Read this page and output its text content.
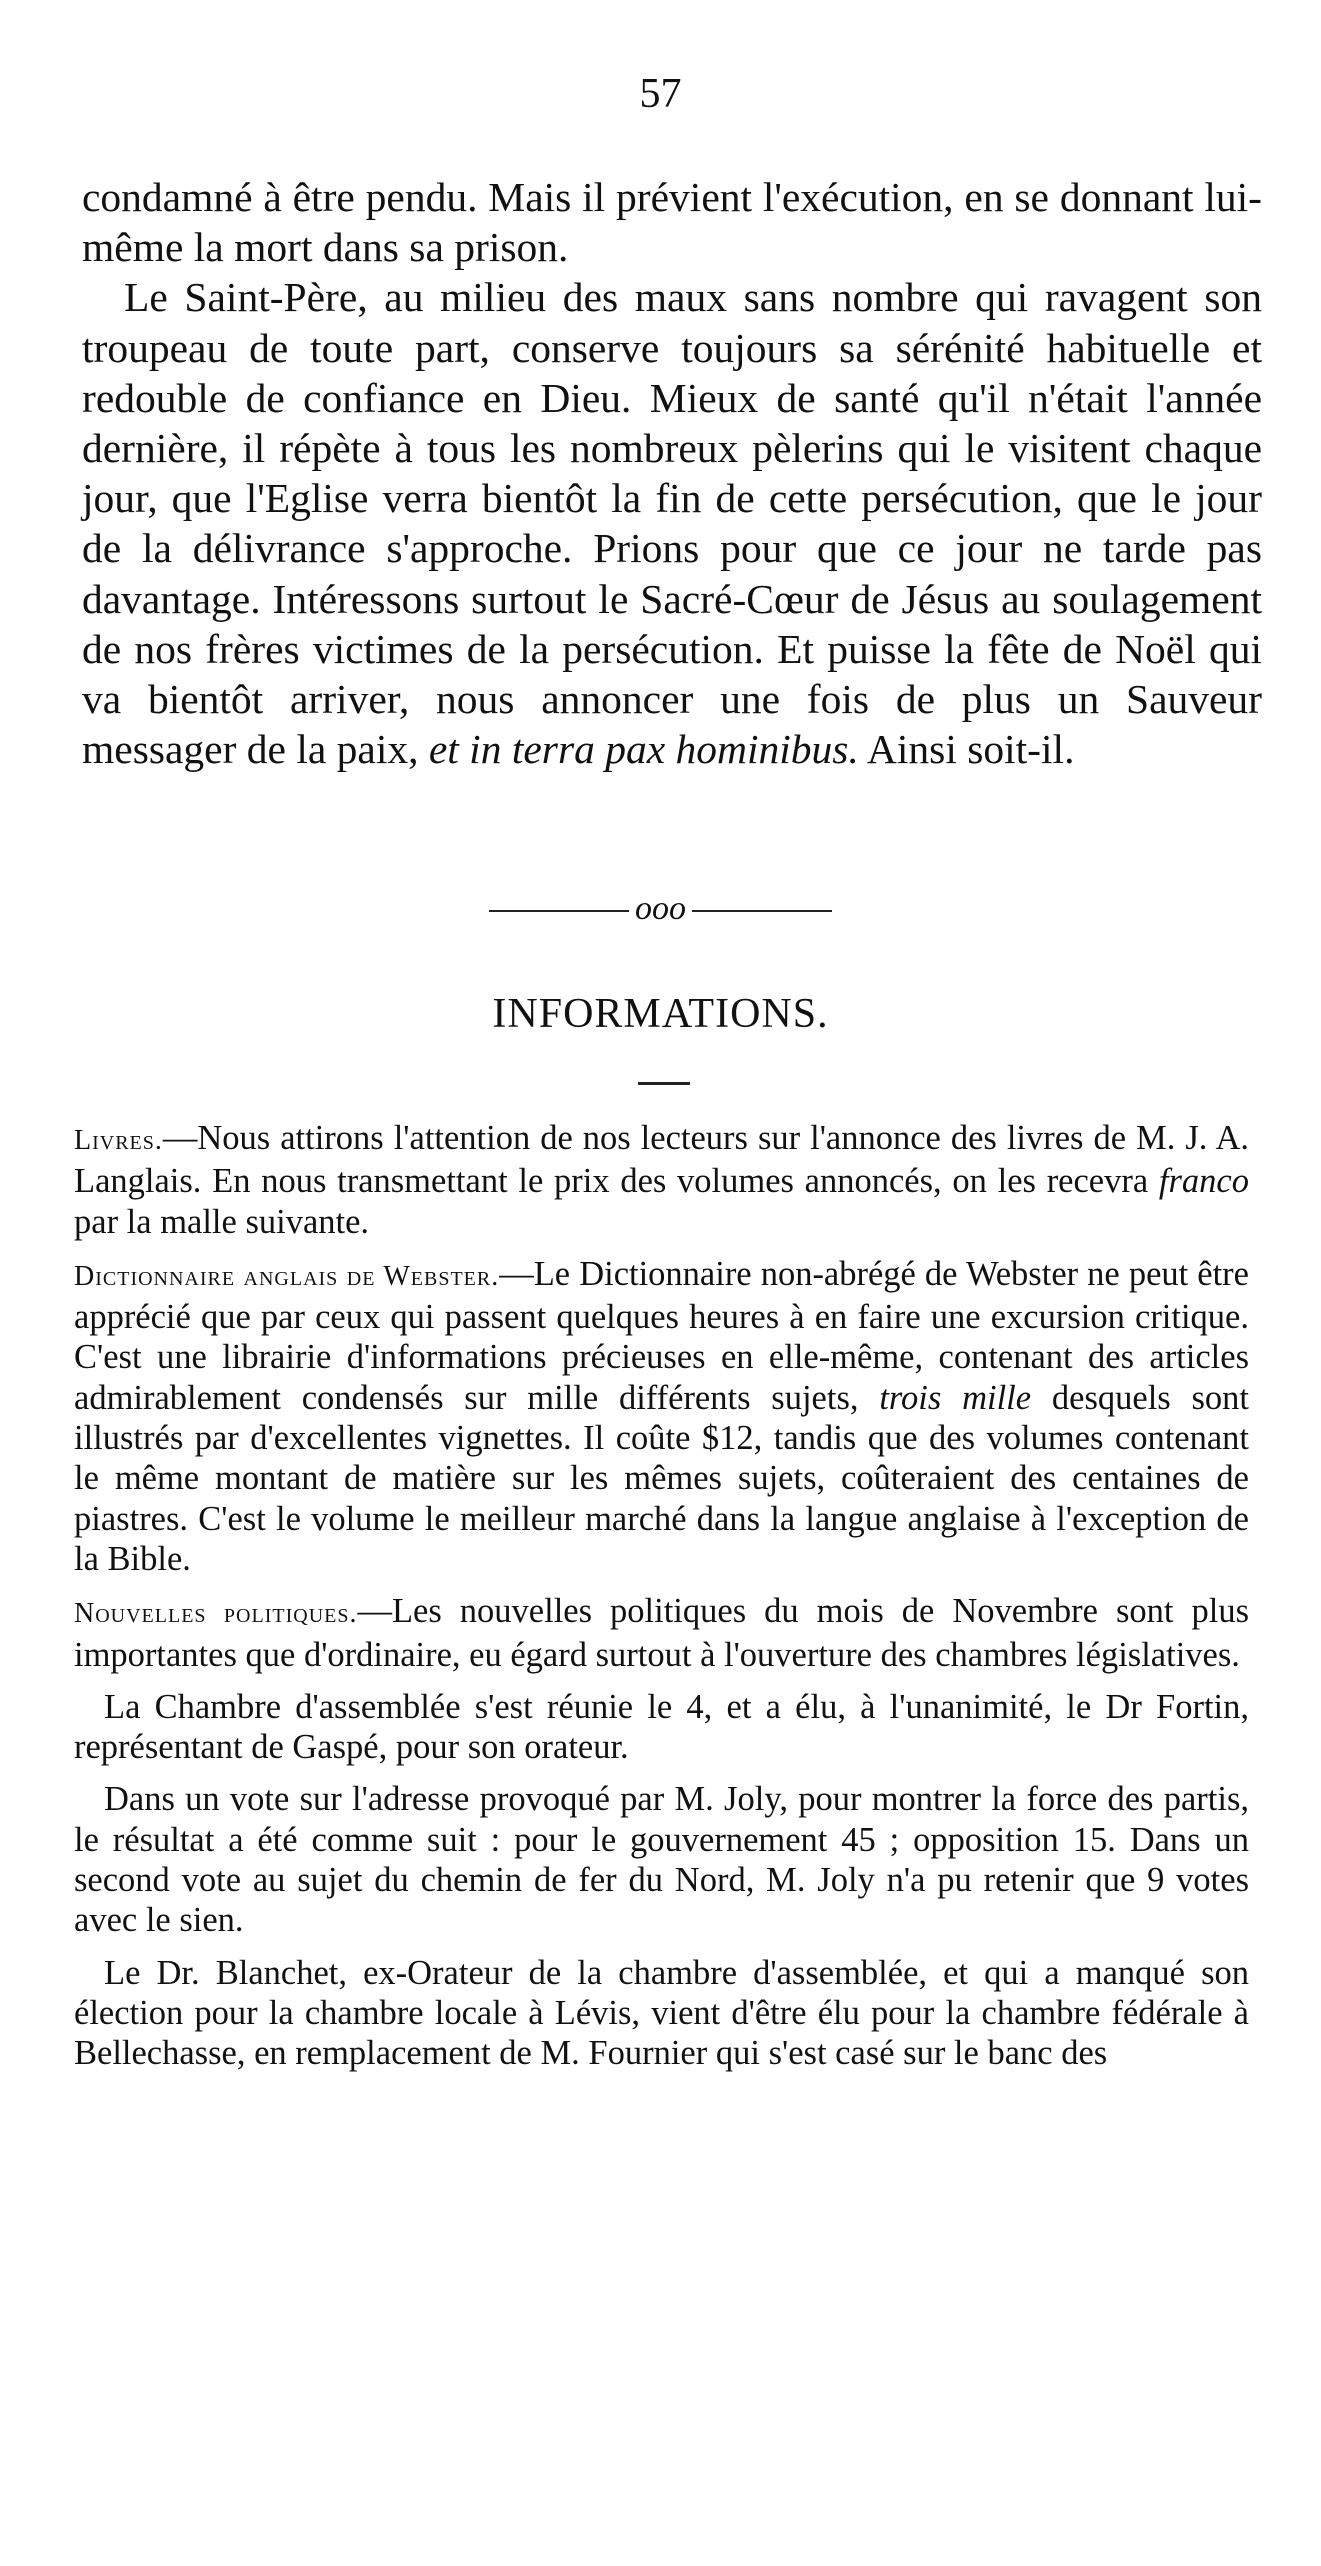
57

condamné à être pendu. Mais il prévient l'exécution, en se donnant lui-même la mort dans sa prison.

Le Saint-Père, au milieu des maux sans nombre qui ravagent son troupeau de toute part, conserve toujours sa sérénité habituelle et redouble de confiance en Dieu. Mieux de santé qu'il n'était l'année dernière, il répète à tous les nombreux pèlerins qui le visitent chaque jour, que l'Eglise verra bientôt la fin de cette persécution, que le jour de la délivrance s'approche. Prions pour que ce jour ne tarde pas davantage. Intéressons surtout le Sacré-Cœur de Jésus au soulagement de nos frères victimes de la persécution. Et puisse la fête de Noël qui va bientôt arriver, nous annoncer une fois de plus un Sauveur messager de la paix, et in terra pax hominibus. Ainsi soit-il.

ooo
INFORMATIONS.

Livres.—Nous attirons l'attention de nos lecteurs sur l'annonce des livres de M. J. A. Langlais. En nous transmettant le prix des volumes annoncés, on les recevra franco par la malle suivante.

Dictionnaire anglais de Webster.—Le Dictionnaire non-abrégé de Webster ne peut être apprécié que par ceux qui passent quelques heures à en faire une excursion critique. C'est une librairie d'informations précieuses en elle-même, contenant des articles admirablement condensés sur mille différents sujets, trois mille desquels sont illustrés par d'excellentes vignettes. Il coûte $12, tandis que des volumes contenant le même montant de matière sur les mêmes sujets, coûteraient des centaines de piastres. C'est le volume le meilleur marché dans la langue anglaise à l'exception de la Bible.

Nouvelles politiques.—Les nouvelles politiques du mois de Novembre sont plus importantes que d'ordinaire, eu égard surtout à l'ouverture des chambres législatives.

La Chambre d'assemblée s'est réunie le 4, et a élu, à l'unanimité, le Dr Fortin, représentant de Gaspé, pour son orateur.

Dans un vote sur l'adresse provoqué par M. Joly, pour montrer la force des partis, le résultat a été comme suit : pour le gouvernement 45 ; opposition 15. Dans un second vote au sujet du chemin de fer du Nord, M. Joly n'a pu retenir que 9 votes avec le sien.

Le Dr. Blanchet, ex-Orateur de la chambre d'assemblée, et qui a manqué son élection pour la chambre locale à Lévis, vient d'être élu pour la chambre fédérale à Bellechasse, en remplacement de M. Fournier qui s'est casé sur le banc des
